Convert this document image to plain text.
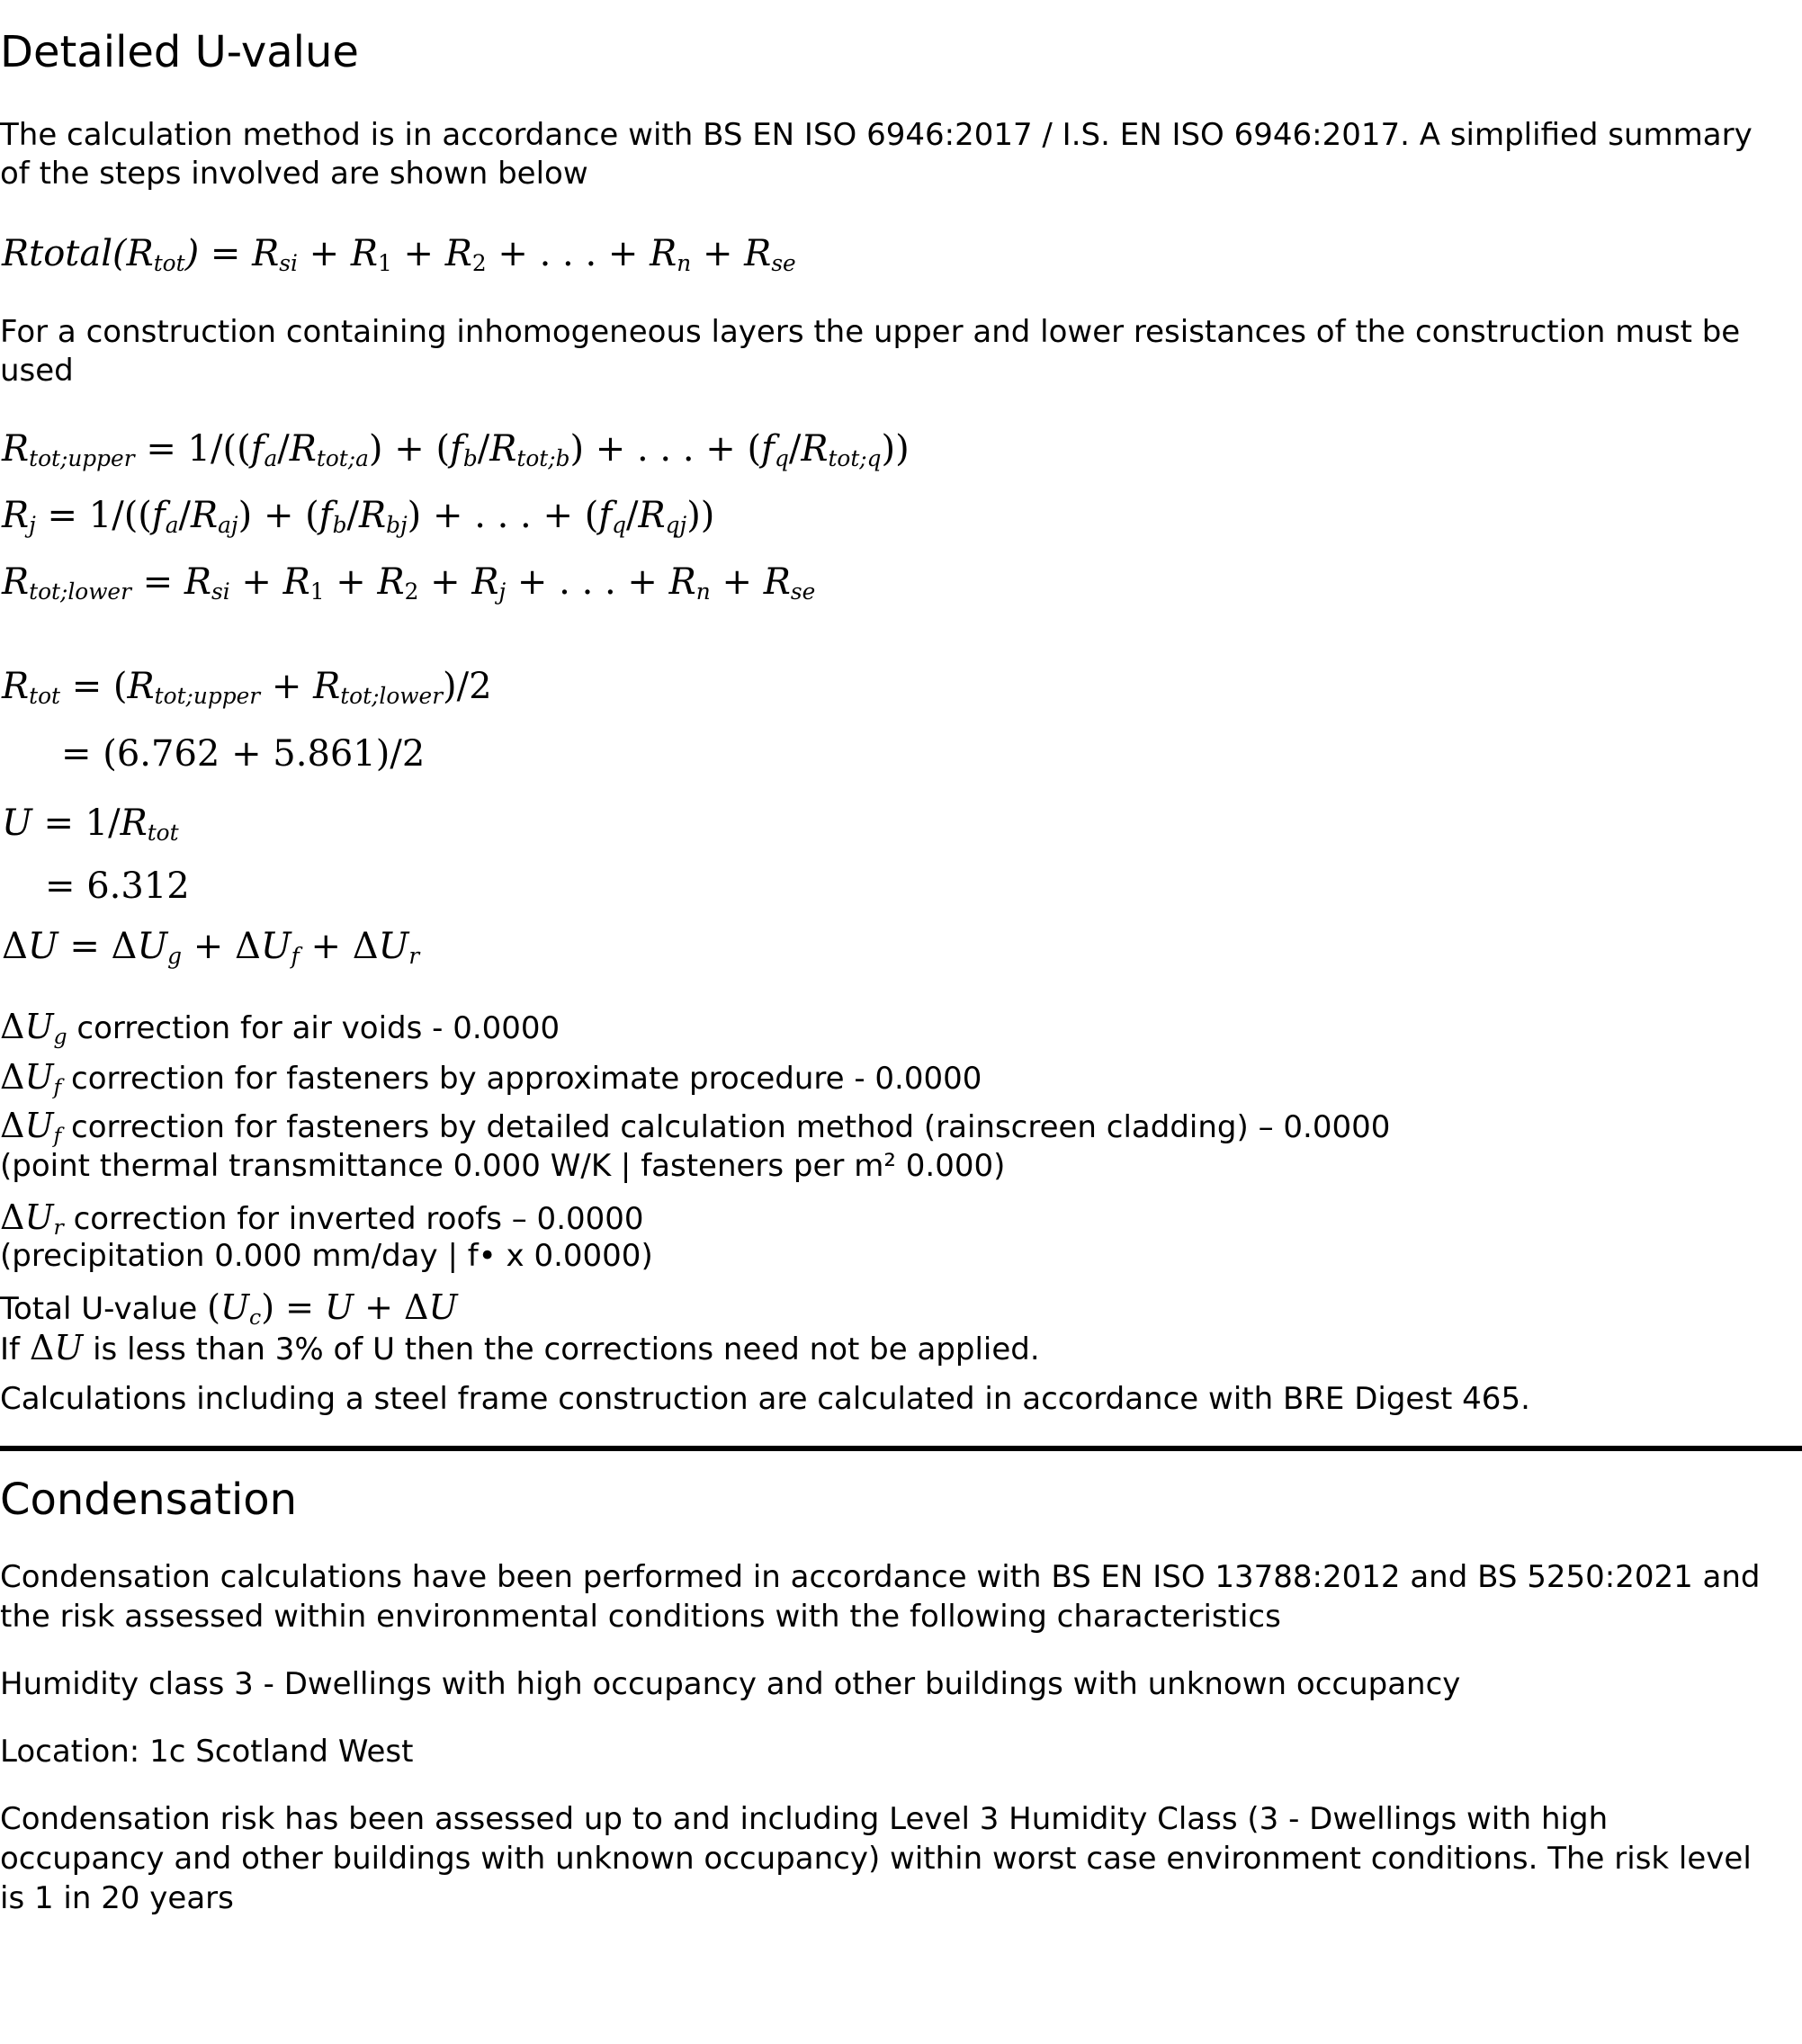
Detailed U-value
The calculation method is in accordance with BS EN ISO 6946:2017 / I.S. EN ISO 6946:2017. A simplified summary
of the steps involved are shown below
$Rtotal(R_{tot}) = R_{si} + R_1 + R_2$ + . . . + $R_n + R_{se}$
For a construction containing inhomogeneous layers the upper and lower resistances of the construction must be
used
$R_{tot;upper} = 1/((f_a/R_{tot;a}) + (f_b/R_{tot;b})$ + . . . + $(f_q/R_{tot;q})$)
$R_j = 1/((f_a/R_{aj}) + (f_b/R_{bj})$ + . . . + $(f_q/R_{qj})$)
$R_{tot;lower} = R_{si} + R_1 + R_2 + R_j$ + . . . + $R_n + R_{se}$
$R_{tot} = (R_{tot;upper} + R_{tot;lower})/2$
= (6.762 + 5.861)/2
$U = 1/R_{tot}$
= 6.312
$\Delta U = \Delta U_g + \Delta U_f + \Delta U_r$
$\Delta U_g$ correction for air voids - 0.0000
$\Delta U_f$ correction for fasteners by approximate procedure - 0.0000
$\Delta U_f$ correction for fasteners by detailed calculation method (rainscreen cladding) – 0.0000
(point thermal transmittance 0.000 W/K | fasteners per m² 0.000)
$\Delta U_r$ correction for inverted roofs – 0.0000
(precipitation 0.000 mm/day | f• x 0.0000)
Total U-value $(U_c) = U + \Delta U$
If ΔU is less than 3% of U then the corrections need not be applied.
Calculations including a steel frame construction are calculated in accordance with BRE Digest 465.
Condensation
Condensation calculations have been performed in accordance with BS EN ISO 13788:2012 and BS 5250:2021 and
the risk assessed within environmental conditions with the following characteristics
Humidity class 3 - Dwellings with high occupancy and other buildings with unknown occupancy
Location: 1c Scotland West
Condensation risk has been assessed up to and including Level 3 Humidity Class (3 - Dwellings with high
occupancy and other buildings with unknown occupancy) within worst case environment conditions. The risk level
is 1 in 20 years
